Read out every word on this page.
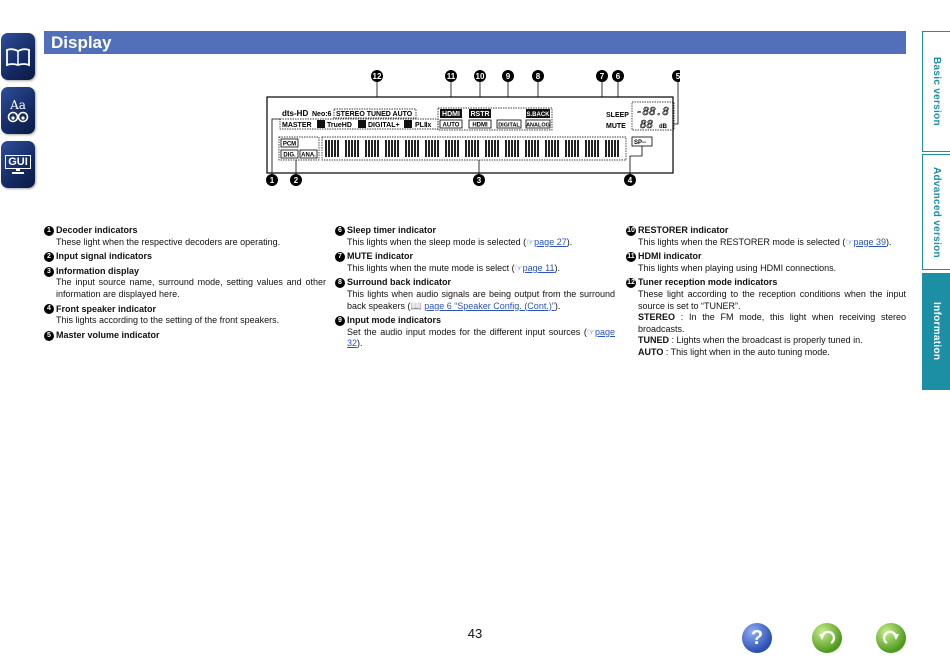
Display
Aa
GUI
Basic version
Advanced version
Information
12	11	10	9	8	7 6	5
dts-HD Neo:6 STEREO TUNED AUTO	HDMI RSTR	S.BACK
MASTER TrueHD DIGITAL+ PLⅡx AUTO HDMI DIGITAL ANALOG
SLEEP
MUTE
-88.8
88 dB
PCM
DIG. ANA.
SP--
1 2	3	4
1 Decoder indicators
These light when the respective decoders are operating.
2 Input signal indicators
3 Information display
The input source name, surround mode, setting values and other information are displayed here.
4 Front speaker indicator
This lights according to the setting of the front speakers.
5 Master volume indicator
6 Sleep timer indicator
This lights when the sleep mode is selected (☞page 27).
7 MUTE indicator
This lights when the mute mode is select (☞page 11).
8 Surround back indicator
This lights when audio signals are being output from the surround back speakers (📖 page 6 “Speaker Config. (Cont.)”).
9 Input mode indicators
Set the audio input modes for the different input sources (☞page 32).
10 RESTORER indicator
This lights when the RESTORER mode is selected (☞page 39).
11 HDMI indicator
This lights when playing using HDMI connections.
12 Tuner reception mode indicators
These light according to the reception conditions when the input source is set to “TUNER”.
STEREO : In the FM mode, this light when receiving stereo broadcasts.
TUNED : Lights when the broadcast is properly tuned in.
AUTO : This light when in the auto tuning mode.
43	?
